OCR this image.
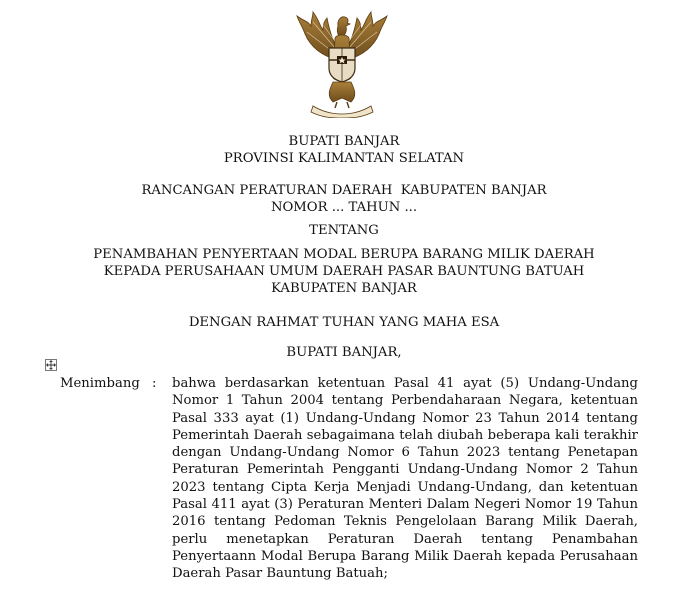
BUPATI BANJAR
PROVINSI KALIMANTAN SELATAN
RANCANGAN PERATURAN DAERAH  KABUPATEN BANJAR
NOMOR ... TAHUN ...
TENTANG
PENAMBAHAN PENYERTAAN MODAL BERUPA BARANG MILIK DAERAH
KEPADA PERUSAHAAN UMUM DAERAH PASAR BAUNTUNG BATUAH
KABUPATEN BANJAR
DENGAN RAHMAT TUHAN YANG MAHA ESA
BUPATI BANJAR,
Menimbang : bahwa berdasarkan ketentuan Pasal 41 ayat (5) Undang-Undang Nomor 1 Tahun 2004 tentang Perbendaharaan Negara, ketentuan Pasal 333 ayat (1) Undang-Undang Nomor 23 Tahun 2014 tentang Pemerintah Daerah sebagaimana telah diubah beberapa kali terakhir dengan Undang-Undang Nomor 6 Tahun 2023 tentang Penetapan Peraturan Pemerintah Pengganti Undang-Undang Nomor 2 Tahun 2023 tentang Cipta Kerja Menjadi Undang-Undang, dan ketentuan Pasal 411 ayat (3) Peraturan Menteri Dalam Negeri Nomor 19 Tahun 2016 tentang Pedoman Teknis Pengelolaan Barang Milik Daerah, perlu menetapkan Peraturan Daerah tentang Penambahan Penyertaann Modal Berupa Barang Milik Daerah kepada Perusahaan Daerah Pasar Bauntung Batuah;
